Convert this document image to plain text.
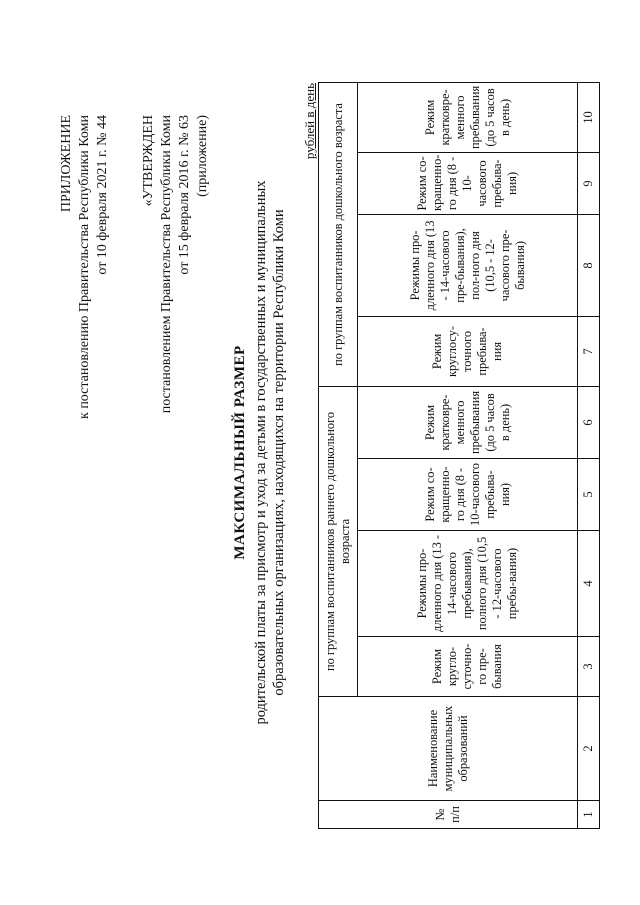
ПРИЛОЖЕНИЕ к постановлению Правительства Республики Коми от 10 февраля 2021 г. № 44 «УТВЕРЖДЕН постановлением Правительства Республики Коми от 15 февраля 2016 г. № 63 (приложение)
МАКСИМАЛЬНЫЙ РАЗМЕР родительской платы за присмотр и уход за детьми в государственных и муниципальных образовательных организациях, находящихся на территории Республики Коми
рублей в день
№ п/п	Наименование муниципальных образований	по группам воспитанников раннего дошкольного возраста				по группам воспитанников дошкольного возраста			
		Режим кругло-суточно-го пре-бывания	Режимы про-дленного дня (13 - 14-часового пребывания), полного дня (10,5 - 12-часового пребы-вания)	Режим со-кращенно-го дня (8 - 10-часового пребыва-ния)	Режим кратковре-менного пребывания (до 5 часов в день)	Режим круглосу-точного пребыва-ния	Режимы про-дленного дня (13 - 14-часового пре-бывания), пол-ного дня (10,5 - 12-часового пре-бывания)	Режим со-кращенно-го дня (8 - 10-часового пребыва-ния)	Режим кратковре-менного пребывания (до 5 часов в день)
1	2	3	4	5	6	7	8	9	10
